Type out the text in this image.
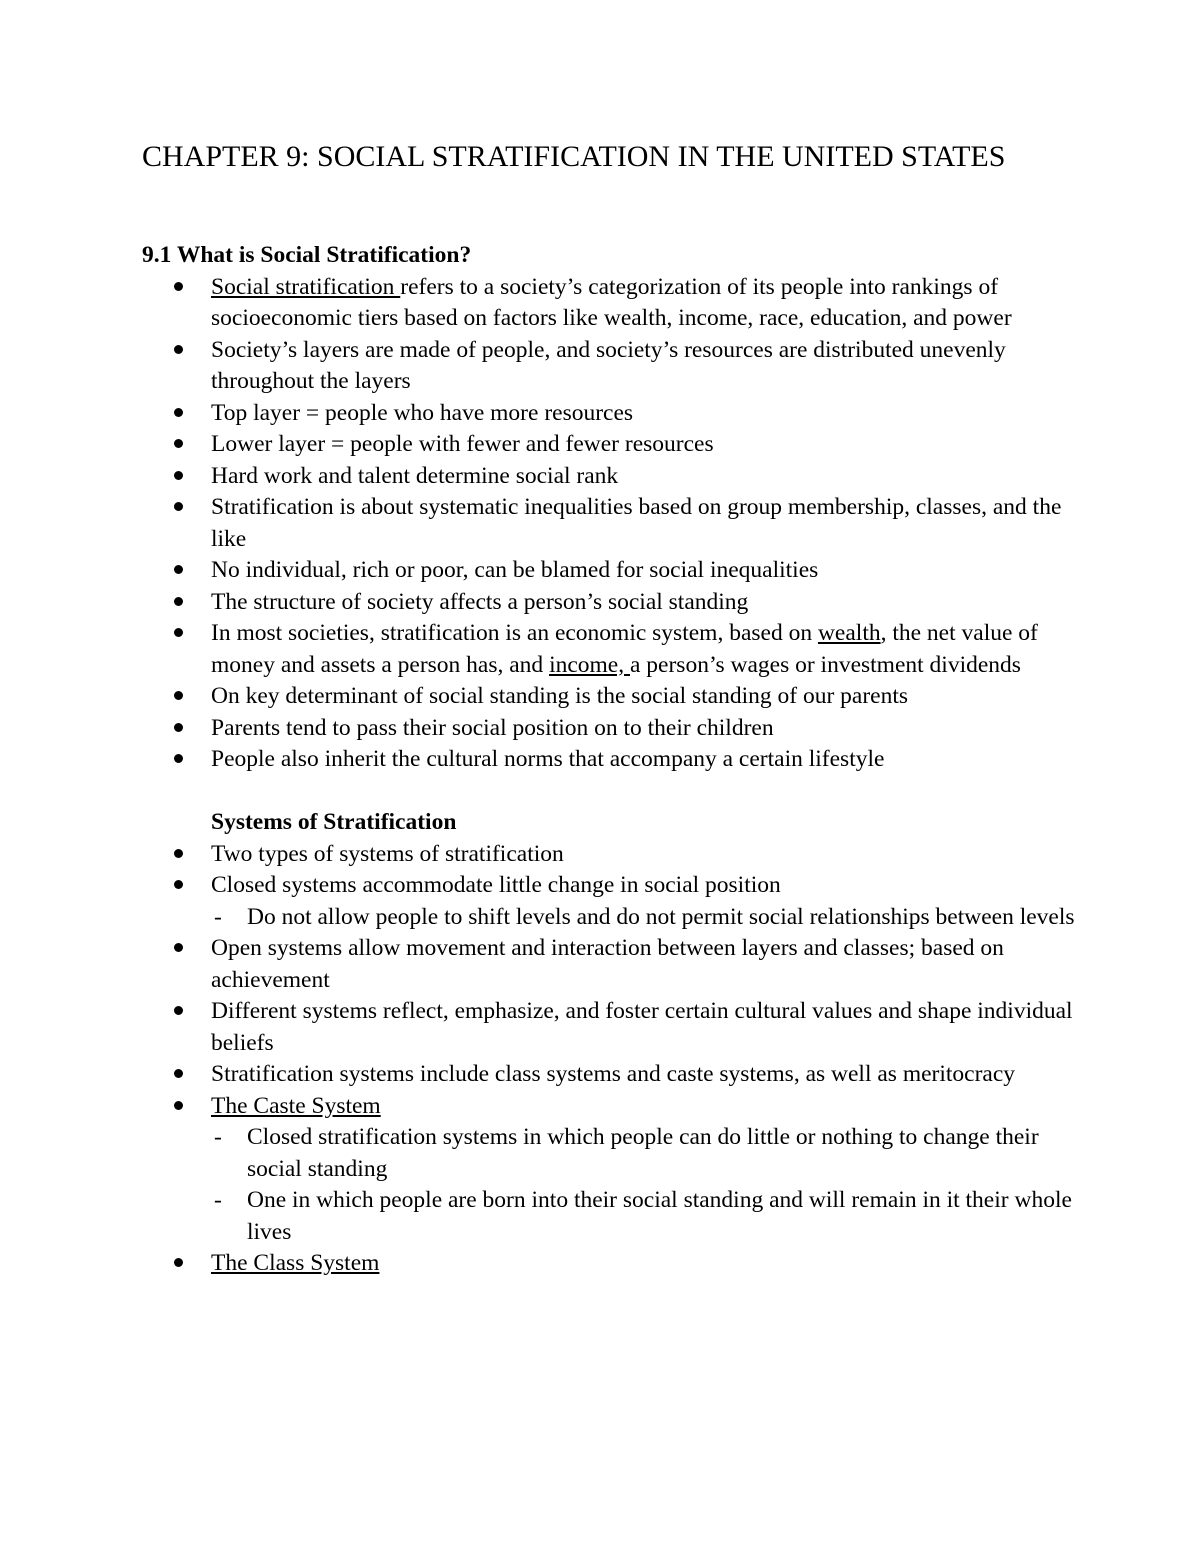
CHAPTER 9: SOCIAL STRATIFICATION IN THE UNITED STATES

9.1 What is Social Stratification?

Social stratification refers to a society’s categorization of its people into rankings of socioeconomic tiers based on factors like wealth, income, race, education, and power
Society’s layers are made of people, and society’s resources are distributed unevenly throughout the layers
Top layer = people who have more resources
Lower layer = people with fewer and fewer resources
Hard work and talent determine social rank
Stratification is about systematic inequalities based on group membership, classes, and the like
No individual, rich or poor, can be blamed for social inequalities
The structure of society affects a person’s social standing
In most societies, stratification is an economic system, based on wealth, the net value of money and assets a person has, and income, a person’s wages or investment dividends
On key determinant of social standing is the social standing of our parents
Parents tend to pass their social position on to their children
People also inherit the cultural norms that accompany a certain lifestyle

Systems of Stratification

Two types of systems of stratification
Closed systems accommodate little change in social position
- Do not allow people to shift levels and do not permit social relationships between levels
Open systems allow movement and interaction between layers and classes; based on achievement
Different systems reflect, emphasize, and foster certain cultural values and shape individual beliefs
Stratification systems include class systems and caste systems, as well as meritocracy
The Caste System
- Closed stratification systems in which people can do little or nothing to change their social standing
- One in which people are born into their social standing and will remain in it their whole lives
The Class System
